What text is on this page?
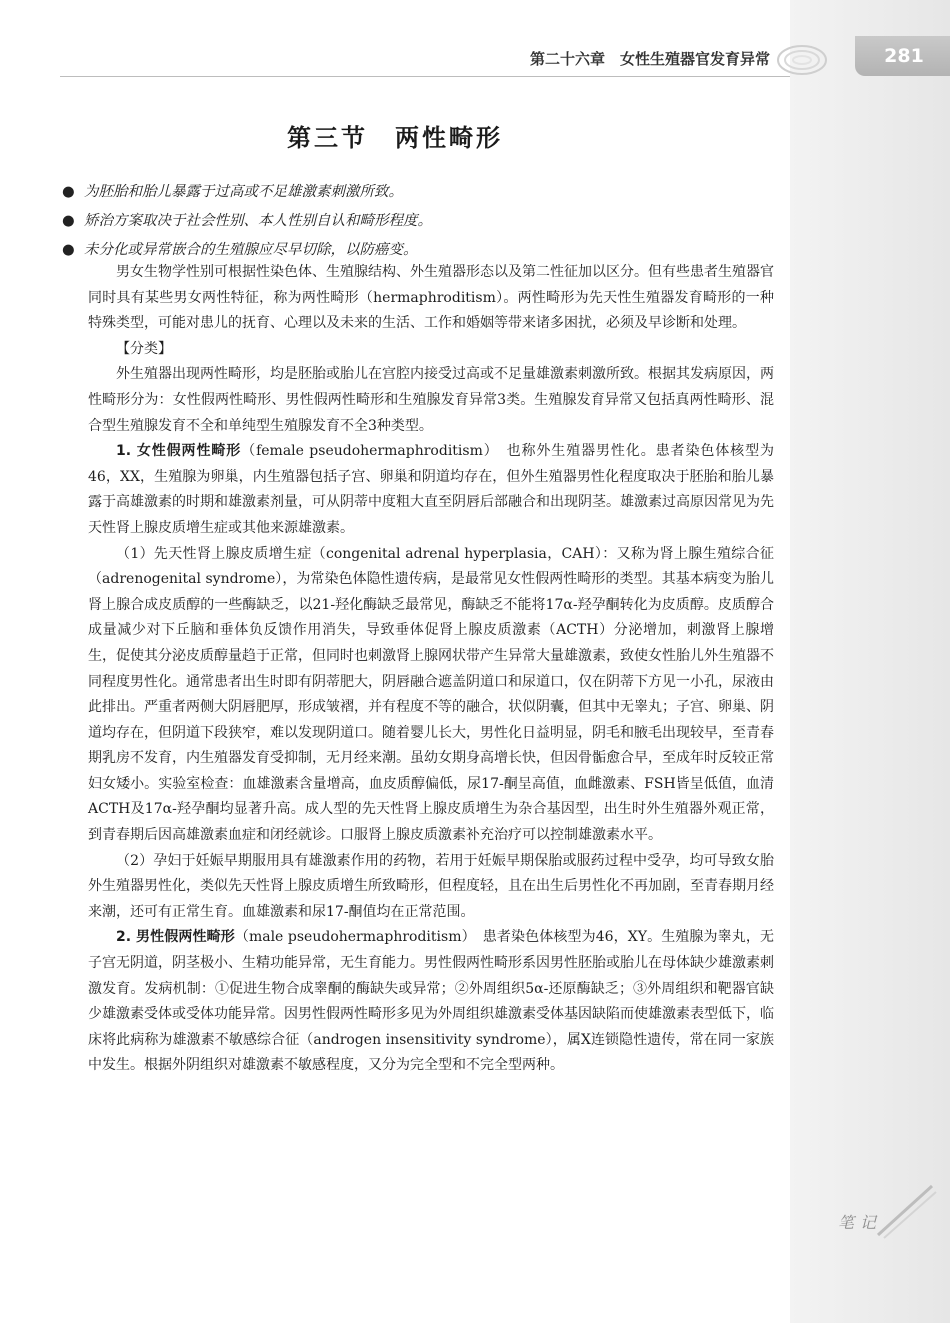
281
第二十六章　女性生殖器官发育异常
第三节　两性畸形
● 为胚胎和胎儿暴露于过高或不足雄激素刺激所致。
● 矫治方案取决于社会性别、本人性别自认和畸形程度。
● 未分化或异常嵌合的生殖腺应尽早切除，以防癌变。

男女生物学性别可根据性染色体、生殖腺结构、外生殖器形态以及第二性征加以区分。但有些患者生殖器官同时具有某些男女两性特征，称为两性畸形（hermaphroditism）。两性畸形为先天性生殖器发育畸形的一种特殊类型，可能对患儿的抚育、心理以及未来的生活、工作和婚姻等带来诸多困扰，必须及早诊断和处理。

【分类】

外生殖器出现两性畸形，均是胚胎或胎儿在宫腔内接受过高或不足量雄激素刺激所致。根据其发病原因，两性畸形分为：女性假两性畸形、男性假两性畸形和生殖腺发育异常3类。生殖腺发育异常又包括真两性畸形、混合型生殖腺发育不全和单纯型生殖腺发育不全3种类型。

1. 女性假两性畸形（female pseudohermaphroditism）　也称外生殖器男性化。患者染色体核型为46，XX，生殖腺为卵巢，内生殖器包括子宫、卵巢和阴道均存在，但外生殖器男性化程度取决于胚胎和胎儿暴露于高雄激素的时期和雄激素剂量，可从阴蒂中度粗大直至阴唇后部融合和出现阴茎。雄激素过高原因常见为先天性肾上腺皮质增生症或其他来源雄激素。

（1）先天性肾上腺皮质增生症（congenital adrenal hyperplasia，CAH）：又称为肾上腺生殖综合征（adrenogenital syndrome），为常染色体隐性遗传病，是最常见女性假两性畸形的类型。其基本病变为胎儿肾上腺合成皮质醇的一些酶缺乏，以21-羟化酶缺乏最常见，酶缺乏不能将17α-羟孕酮转化为皮质醇。皮质醇合成量减少对下丘脑和垂体负反馈作用消失，导致垂体促肾上腺皮质激素（ACTH）分泌增加，刺激肾上腺增生，促使其分泌皮质醇量趋于正常，但同时也刺激肾上腺网状带产生异常大量雄激素，致使女性胎儿外生殖器不同程度男性化。通常患者出生时即有阴蒂肥大，阴唇融合遮盖阴道口和尿道口，仅在阴蒂下方见一小孔，尿液由此排出。严重者两侧大阴唇肥厚，形成皱褶，并有程度不等的融合，状似阴囊，但其中无睾丸；子宫、卵巢、阴道均存在，但阴道下段狭窄，难以发现阴道口。随着婴儿长大，男性化日益明显，阴毛和腋毛出现较早，至青春期乳房不发育，内生殖器发育受抑制，无月经来潮。虽幼女期身高增长快，但因骨骺愈合早，至成年时反较正常妇女矮小。实验室检查：血雄激素含量增高，血皮质醇偏低，尿17-酮呈高值，血雌激素、FSH皆呈低值，血清ACTH及17α-羟孕酮均显著升高。成人型的先天性肾上腺皮质增生为杂合基因型，出生时外生殖器外观正常，到青春期后因高雄激素血症和闭经就诊。口服肾上腺皮质激素补充治疗可以控制雄激素水平。

（2）孕妇于妊娠早期服用具有雄激素作用的药物，若用于妊娠早期保胎或服药过程中受孕，均可导致女胎外生殖器男性化，类似先天性肾上腺皮质增生所致畸形，但程度轻，且在出生后男性化不再加剧，至青春期月经来潮，还可有正常生育。血雄激素和尿17-酮值均在正常范围。

2. 男性假两性畸形（male pseudohermaphroditism）　患者染色体核型为46，XY。生殖腺为睾丸，无子宫无阴道，阴茎极小、生精功能异常，无生育能力。男性假两性畸形系因男性胚胎或胎儿在母体缺少雄激素刺激发育。发病机制：①促进生物合成睾酮的酶缺失或异常；②外周组织5α-还原酶缺乏；③外周组织和靶器官缺少雄激素受体或受体功能异常。因男性假两性畸形多见为外周组织雄激素受体基因缺陷而使雄激素表型低下，临床将此病称为雄激素不敏感综合征（androgen insensitivity syndrome），属X连锁隐性遗传，常在同一家族中发生。根据外阴组织对雄激素不敏感程度，又分为完全型和不完全型两种。

笔记
